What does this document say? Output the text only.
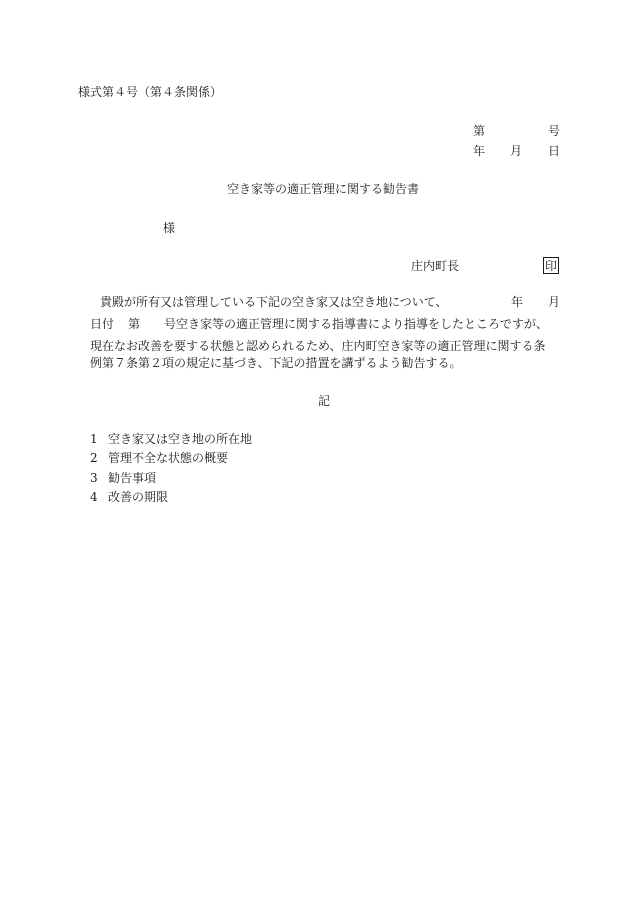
様式第４号（第４条関係）
第	号
年 月 日
空き家等の適正管理に関する勧告書
様
庄内町長	印
貴殿が所有又は管理している下記の空き家又は空き地について、	年 月
日付 第 号空き家等の適正管理に関する指導書により指導をしたところですが、
現在なお改善を要する状態と認められるため、庄内町空き家等の適正管理に関する条
例第７条第２項の規定に基づき、下記の措置を講ずるよう勧告する。
記
1 空き家又は空き地の所在地
2 管理不全な状態の概要
3 勧告事項
4 改善の期限
